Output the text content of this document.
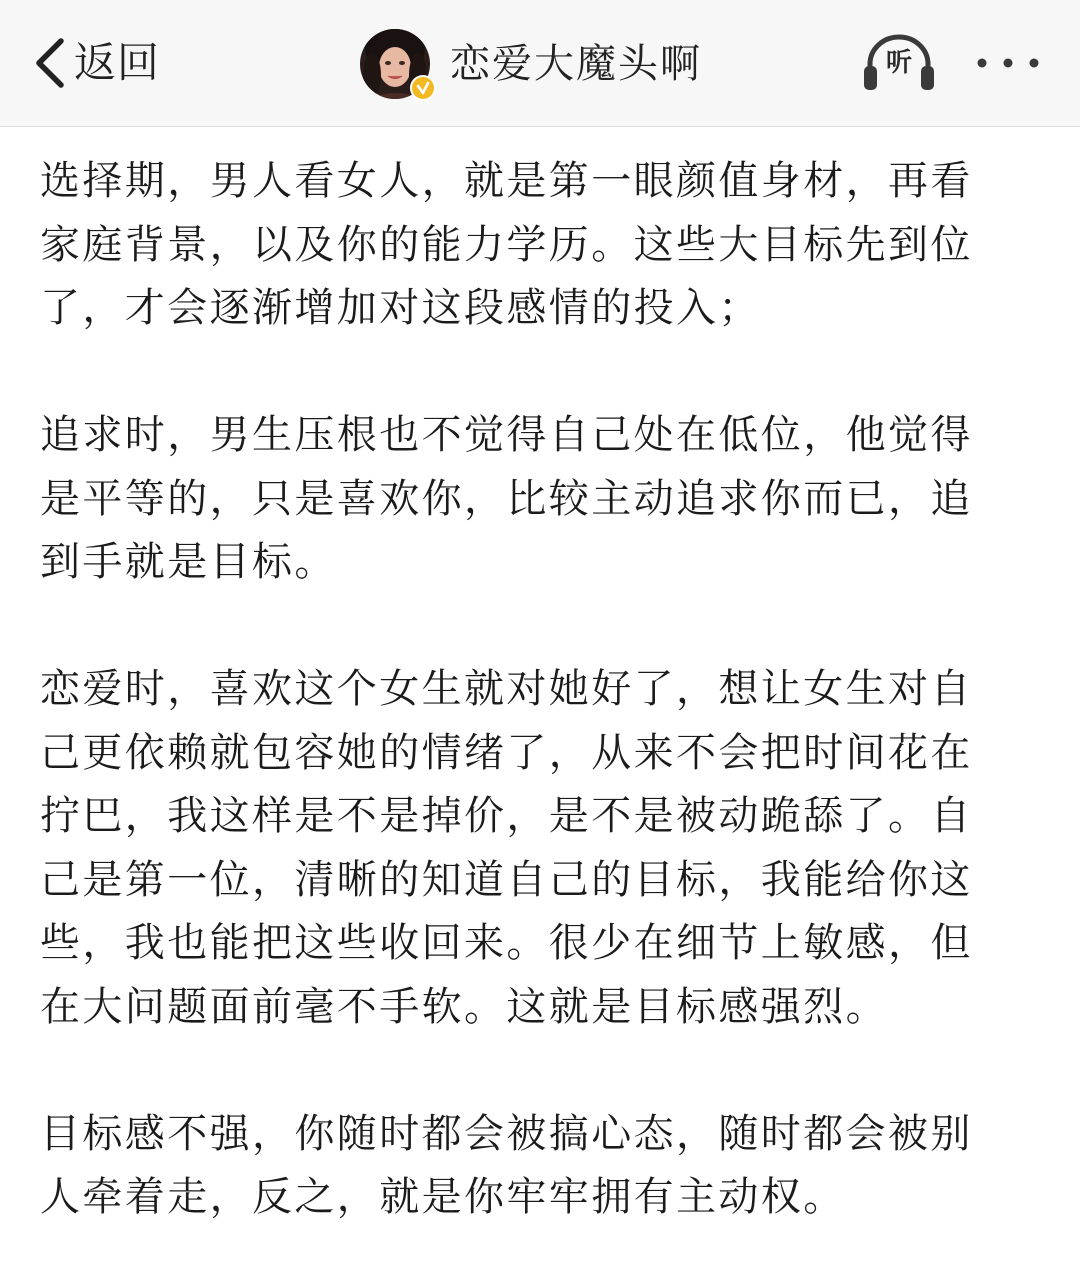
返回	恋爱大魔头啊	听

选择期，男人看女人，就是第一眼颜值身材，再看
家庭背景，以及你的能力学历。这些大目标先到位
了，才会逐渐增加对这段感情的投入；

追求时，男生压根也不觉得自己处在低位，他觉得
是平等的，只是喜欢你，比较主动追求你而已，追
到手就是目标。

恋爱时，喜欢这个女生就对她好了，想让女生对自
己更依赖就包容她的情绪了，从来不会把时间花在
拧巴，我这样是不是掉价，是不是被动跪舔了。自
己是第一位，清晰的知道自己的目标，我能给你这
些，我也能把这些收回来。很少在细节上敏感，但
在大问题面前毫不手软。这就是目标感强烈。

目标感不强，你随时都会被搞心态，随时都会被别
人牵着走，反之，就是你牢牢拥有主动权。
